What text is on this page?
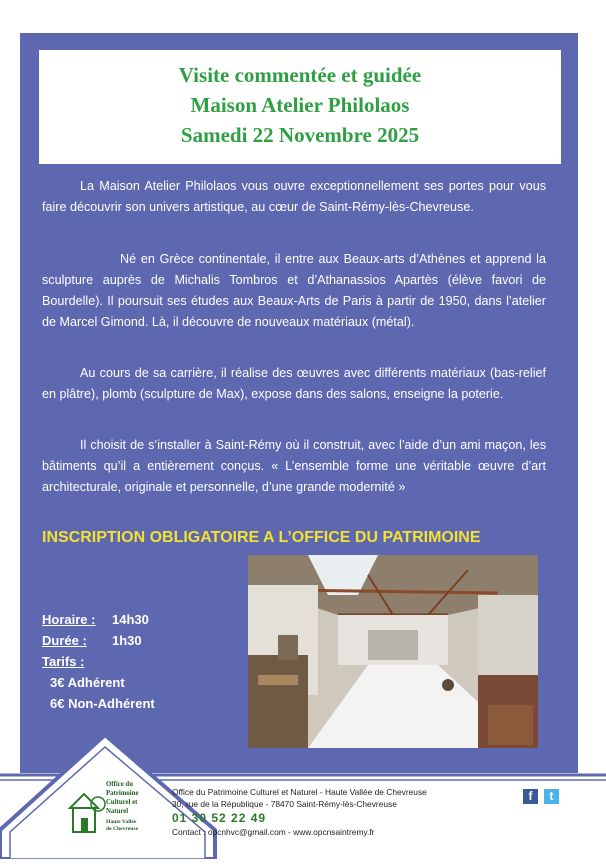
Visite commentée et guidée
Maison Atelier Philolaos
Samedi 22 Novembre 2025
La Maison Atelier Philolaos vous ouvre exceptionnellement ses portes pour vous faire découvrir son univers artistique, au cœur de Saint-Rémy-lès-Chevreuse.
Né en Grèce continentale, il entre aux Beaux-arts d’Athènes et apprend la sculpture auprès de Michalis Tombros et d’Athanassios Apartès (élève favori de Bourdelle). Il poursuit ses études aux Beaux-Arts de Paris à partir de 1950, dans l’atelier de Marcel Gimond. Là, il découvre de nouveaux matériaux (métal).
Au cours de sa carrière, il réalise des œuvres avec différents matériaux (bas-relief en plâtre), plomb (sculpture de Max), expose dans des salons, enseigne la poterie.
Il choisit de s’installer à Saint-Rémy où il construit, avec l’aide d’un ami maçon, les bâtiments qu’il a entièrement conçus. « L’ensemble forme une véritable œuvre d’art architecturale, originale et personnelle, d’une grande modernité »
INSCRIPTION OBLIGATOIRE A L’OFFICE DU PATRIMOINE
Horaire : 14h30
Durée : 1h30
Tarifs :
3€ Adhérent
6€ Non-Adhérent
Office du
Patrimoine
Culturel et
Naturel
Haute Vallée
de Chevreuse
Office du Patrimoine Culturel et Naturel - Haute Vallée de Chevreuse
30, rue de la République - 78470 Saint-Rémy-lès-Chevreuse
01 30 52 22 49
Contact : opcnhvc@gmail.com - www.opcnsaintremy.fr
f	t
